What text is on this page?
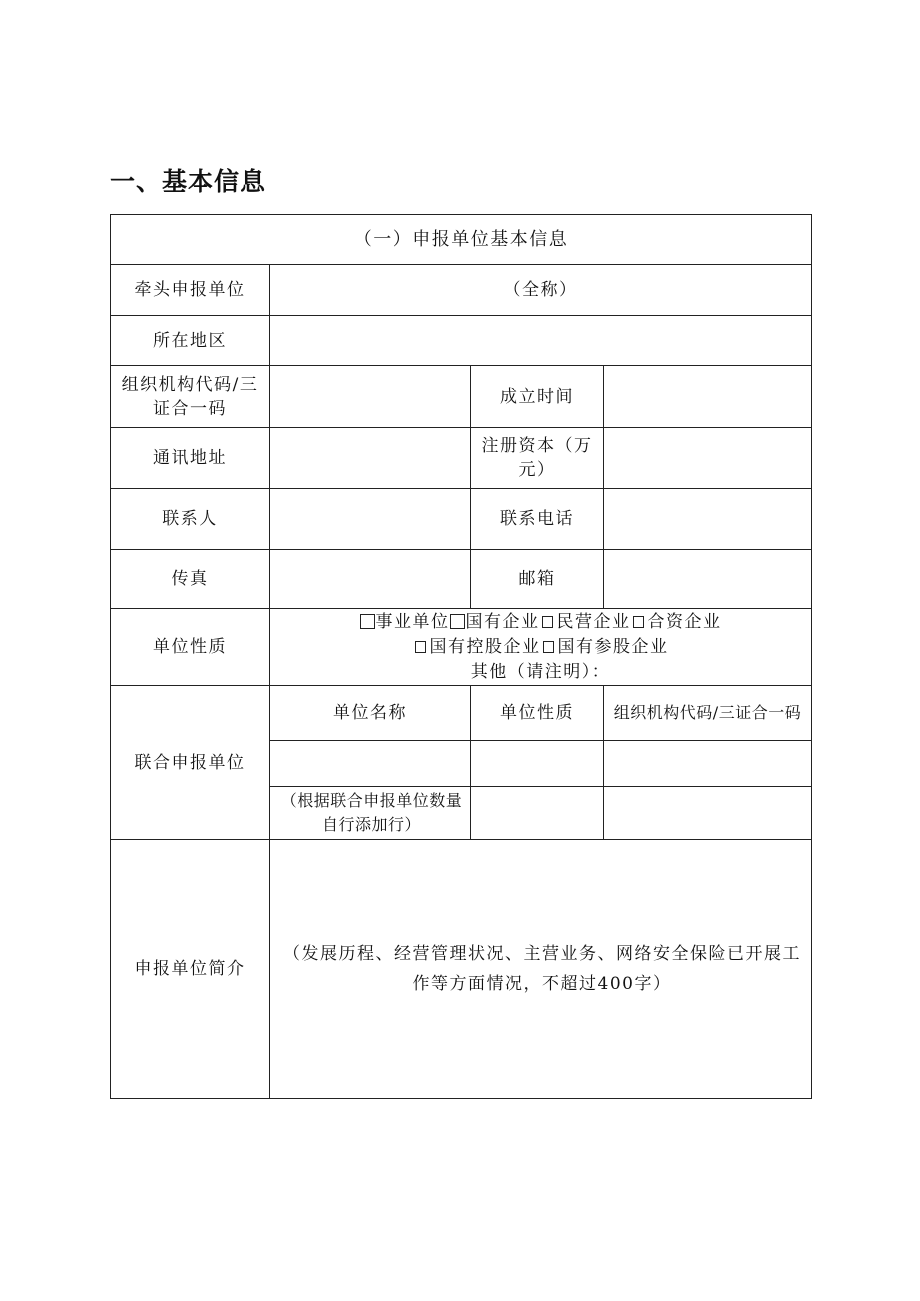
一、基本信息
（一）申报单位基本信息			
牵头申报单位	（全称）		
所在地区			
组织机构代码/三证合一码		成立时间	
通讯地址		注册资本（万元）	
联系人		联系电话	
传真		邮箱	
单位性质	事业单位 国有企业 民营企业 合资企业
国有控股企业 国有参股企业
其他（请注明）：		

联合申报单位	单位名称	单位性质	组织机构代码/三证合一码

	（根据联合申报单位数量自行添加行）		
申报单位简介	（发展历程、经营管理状况、主营业务、网络安全保险已开展工作等方面情况，不超过400字）		
